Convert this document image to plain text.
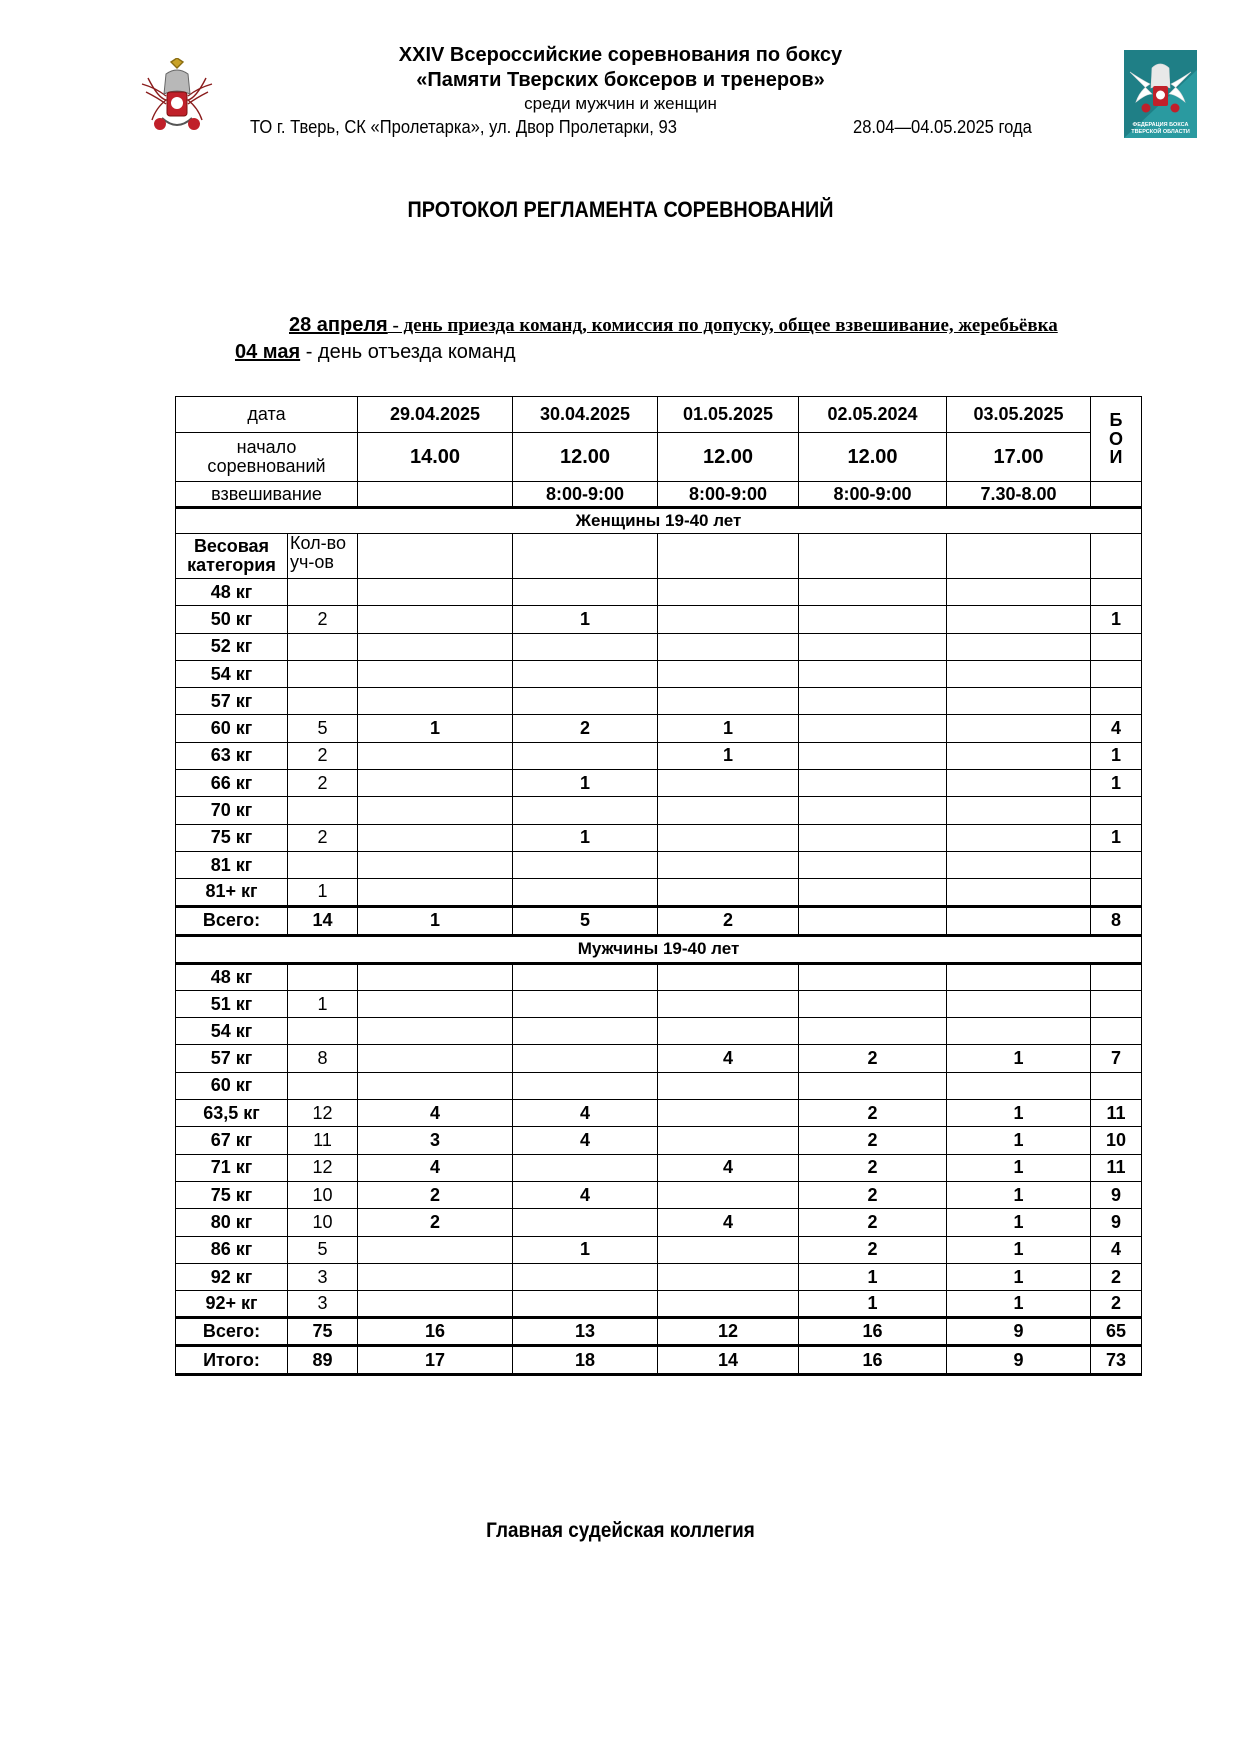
XXIV Всероссийские соревнования по боксу
«Памяти Тверских боксеров и тренеров»
среди мужчин и женщин
ТО г. Тверь, СК «Пролетарка», ул. Двор Пролетарки, 93	28.04—04.05.2025 года	ФЕДЕРАЦИЯ БОКСА
ТВЕРСКОЙ ОБЛАСТИ
ПРОТОКОЛ РЕГЛАМЕНТА СОРЕВНОВАНИЙ
28 апреля - день приезда команд, комиссия по допуску, общее взвешивание, жеребьёвка
04 мая - день отъезда команд
дата		29.04.2025	30.04.2025	01.05.2025	02.05.2024	03.05.2025	Б
О
И

начало соревнований		14.00	12.00	12.00	12.00	17.00	
взвешивание			8:00-9:00	8:00-9:00	8:00-9:00	7.30-8.00	
Женщины 19-40 лет							
Весовая категория	Кол-во уч-ов						
48 кг							
50 кг	2		1				1
52 кг							
54 кг							
57 кг							
60 кг	5	1	2	1			4
63 кг	2			1			1
66 кг	2		1				1
70 кг							
75 кг	2		1				1
81 кг							
81+ кг	1						
Всего:	14	1	5	2			8
Мужчины 19-40 лет							
48 кг							
51 кг	1						
54 кг							
57 кг	8			4	2	1	7
60 кг							
63,5 кг	12	4	4		2	1	11
67 кг	11	3	4		2	1	10
71 кг	12	4		4	2	1	11
75 кг	10	2	4		2	1	9
80 кг	10	2		4	2	1	9
86 кг	5		1		2	1	4
92 кг	3				1	1	2
92+ кг	3				1	1	2
Всего:	75	16	13	12	16	9	65
Итого:	89	17	18	14	16	9	73
Главная судейская коллегия
